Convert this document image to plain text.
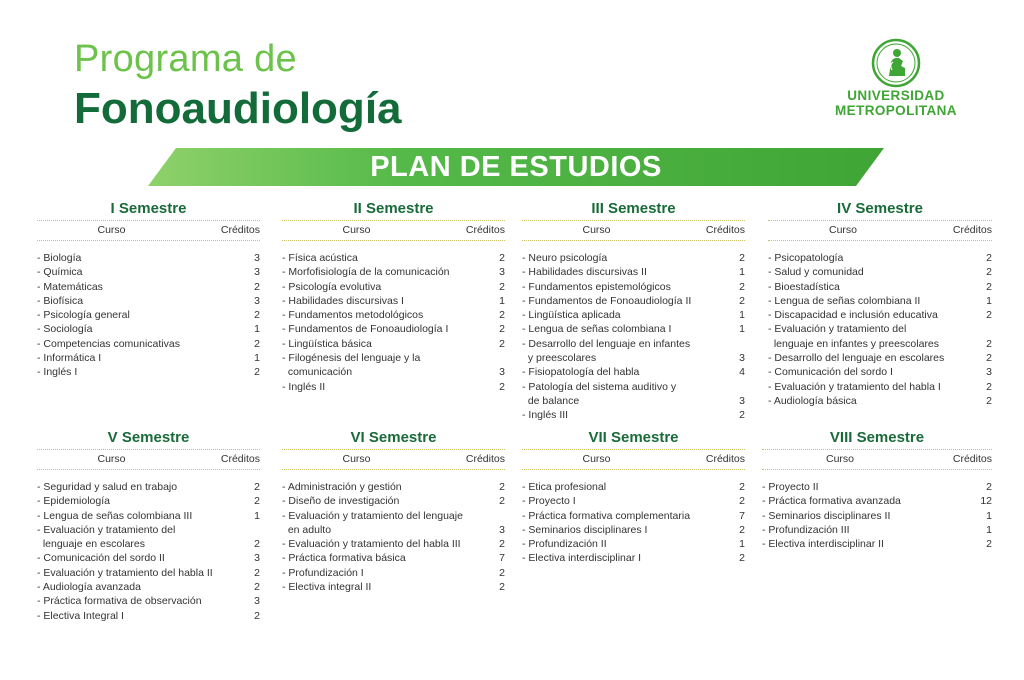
Programa de
Fonoaudiología	UNIVERSIDAD
METROPOLITANA
PLAN DE ESTUDIOS
I Semestre
Curso	Créditos
- Biología	3
- Química	3
- Matemáticas	2
- Biofísica	3
- Psicología general	2
- Sociología	1
- Competencias comunicativas	2
- Informática I	1
- Inglés I	2
II Semestre
Curso	Créditos
- Física acústica	2
- Morfofisiología de la comunicación	3
- Psicología evolutiva	2
- Habilidades discursivas I	1
- Fundamentos metodológicos	2
- Fundamentos de Fonoaudiología I	2
- Lingüística básica	2
- Filogénesis del lenguaje y la
comunicación	3
- Inglés II	2
III Semestre
Curso	Créditos
- Neuro psicología	2
- Habilidades discursivas II	1
- Fundamentos epistemológicos	2
- Fundamentos de Fonoaudiología II	2
- Lingüística aplicada	1
- Lengua de señas colombiana I	1
- Desarrollo del lenguaje en infantes
y preescolares	3
- Fisiopatología del habla	4
- Patología del sistema auditivo y
de balance	3
- Inglés III	2
IV Semestre
Curso	Créditos
- Psicopatología	2
- Salud y comunidad	2
- Bioestadística	2
- Lengua de señas colombiana II	1
- Discapacidad e inclusión educativa	2
- Evaluación y tratamiento del
lenguaje en infantes y preescolares	2
- Desarrollo del lenguaje en escolares	2
- Comunicación del sordo I	3
- Evaluación y tratamiento del habla I	2
- Audiología básica	2
V Semestre
Curso	Créditos
- Seguridad y salud en trabajo	2
- Epidemiología	2
- Lengua de señas colombiana III	1
- Evaluación y tratamiento del
lenguaje en escolares	2
- Comunicación del sordo II	3
- Evaluación y tratamiento del habla II	2
- Audiología avanzada	2
- Práctica formativa de observación	3
- Electiva Integral I	2
VI Semestre
Curso	Créditos
- Administración y gestión	2
- Diseño de investigación	2
- Evaluación y tratamiento del lenguaje
en adulto	3
- Evaluación y tratamiento del habla III	2
- Práctica formativa básica	7
- Profundización I	2
- Electiva integral II	2
VII Semestre
Curso	Créditos
- Etica profesional	2
- Proyecto I	2
- Práctica formativa complementaria	7
- Seminarios disciplinares I	2
- Profundización II	1
- Electiva interdisciplinar I	2
VIII Semestre
Curso	Créditos
- Proyecto II	2
- Práctica formativa avanzada	12
- Seminarios disciplinares II	1
- Profundización III	1
- Electiva interdisciplinar II	2
